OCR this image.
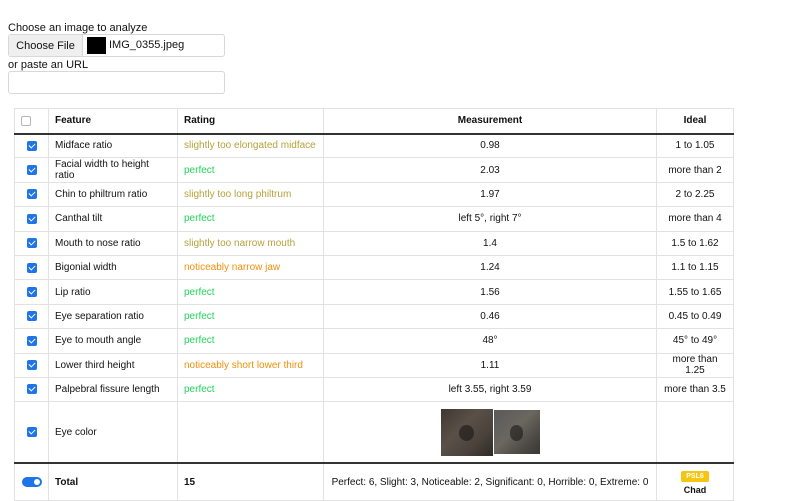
Choose an image to analyze
Choose File	IMG_0355.jpeg
or paste an URL
	Feature	Rating	Measurement	Ideal
	Midface ratio	slightly too elongated midface	0.98	1 to 1.05
	Facial width to height ratio	perfect	2.03	more than 2
	Chin to philtrum ratio	slightly too long philtrum	1.97	2 to 2.25
	Canthal tilt	perfect	left 5°, right 7°	more than 4
	Mouth to nose ratio	slightly too narrow mouth	1.4	1.5 to 1.62
	Bigonial width	noticeably narrow jaw	1.24	1.1 to 1.15
	Lip ratio	perfect	1.56	1.55 to 1.65
	Eye separation ratio	perfect	0.46	0.45 to 0.49
	Eye to mouth angle	perfect	48°	45° to 49°
	Lower third height	noticeably short lower third	1.11	more than 1.25
	Palpebral fissure length	perfect	left 3.55, right 3.59	more than 3.5
	Eye color			
	Total	15	Perfect: 6, Slight: 3, Noticeable: 2, Significant: 0, Horrible: 0, Extreme: 0	PSL6
Chad
